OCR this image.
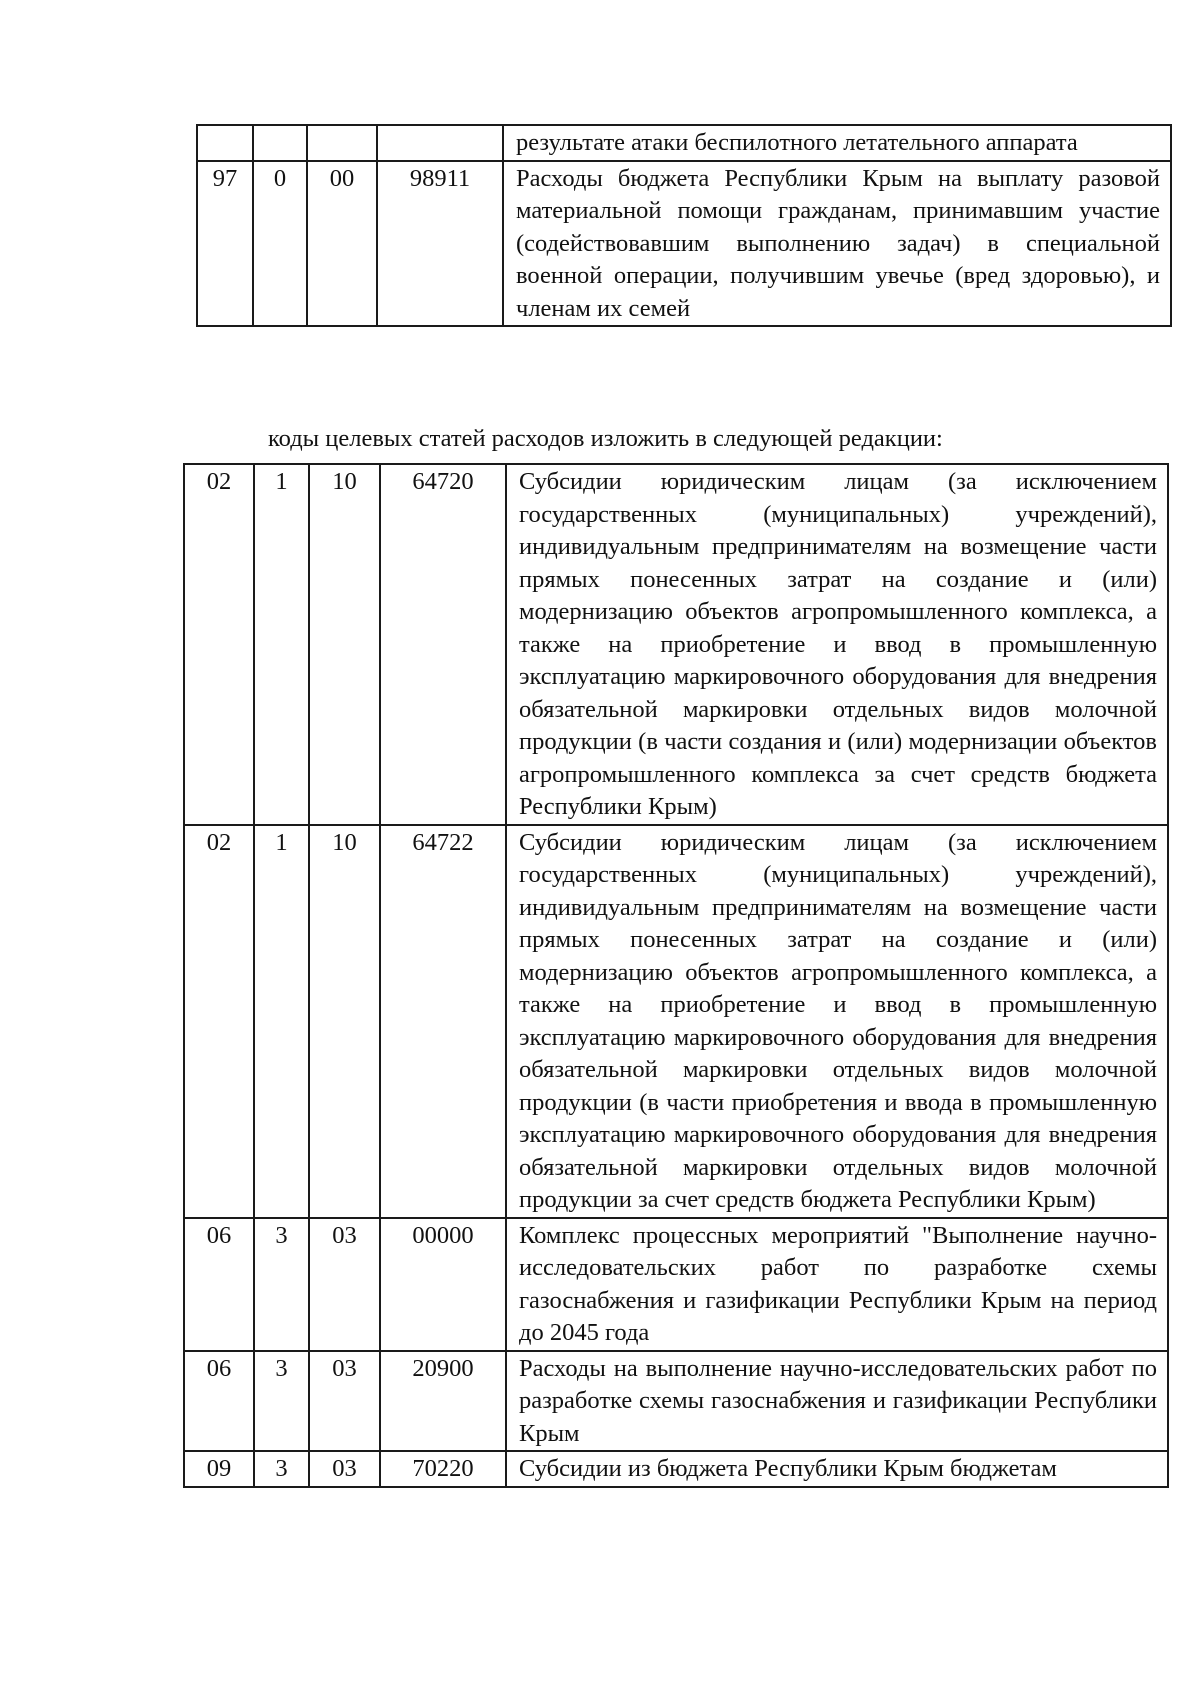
				результате атаки беспилотного летательного аппарата
97	0	00	98911	Расходы бюджета Республики Крым на выплату разовой материальной помощи гражданам, принимавшим участие (содействовавшим выполнению задач) в специальной военной операции, получившим увечье (вред здоровью), и членам их семей
коды целевых статей расходов изложить в следующей редакции:
02	1	10	64720	Субсидии юридическим лицам (за исключением государственных (муниципальных) учреждений), индивидуальным предпринимателям на возмещение части прямых понесенных затрат на создание и (или) модернизацию объектов агропромышленного комплекса, а также на приобретение и ввод в промышленную эксплуатацию маркировочного оборудования для внедрения обязательной маркировки отдельных видов молочной продукции (в части создания и (или) модернизации объектов агропромышленного комплекса за счет средств бюджета Республики Крым)
02	1	10	64722	Субсидии юридическим лицам (за исключением государственных (муниципальных) учреждений), индивидуальным предпринимателям на возмещение части прямых понесенных затрат на создание и (или) модернизацию объектов агропромышленного комплекса, а также на приобретение и ввод в промышленную эксплуатацию маркировочного оборудования для внедрения обязательной маркировки отдельных видов молочной продукции (в части приобретения и ввода в промышленную эксплуатацию маркировочного оборудования для внедрения обязательной маркировки отдельных видов молочной продукции за счет средств бюджета Республики Крым)
06	3	03	00000	Комплекс процессных мероприятий "Выполнение научно-исследовательских работ по разработке схемы газоснабжения и газификации Республики Крым на период до 2045 года
06	3	03	20900	Расходы на выполнение научно-исследовательских работ по разработке схемы газоснабжения и газификации Республики Крым
09	3	03	70220	Субсидии из бюджета Республики Крым бюджетам
